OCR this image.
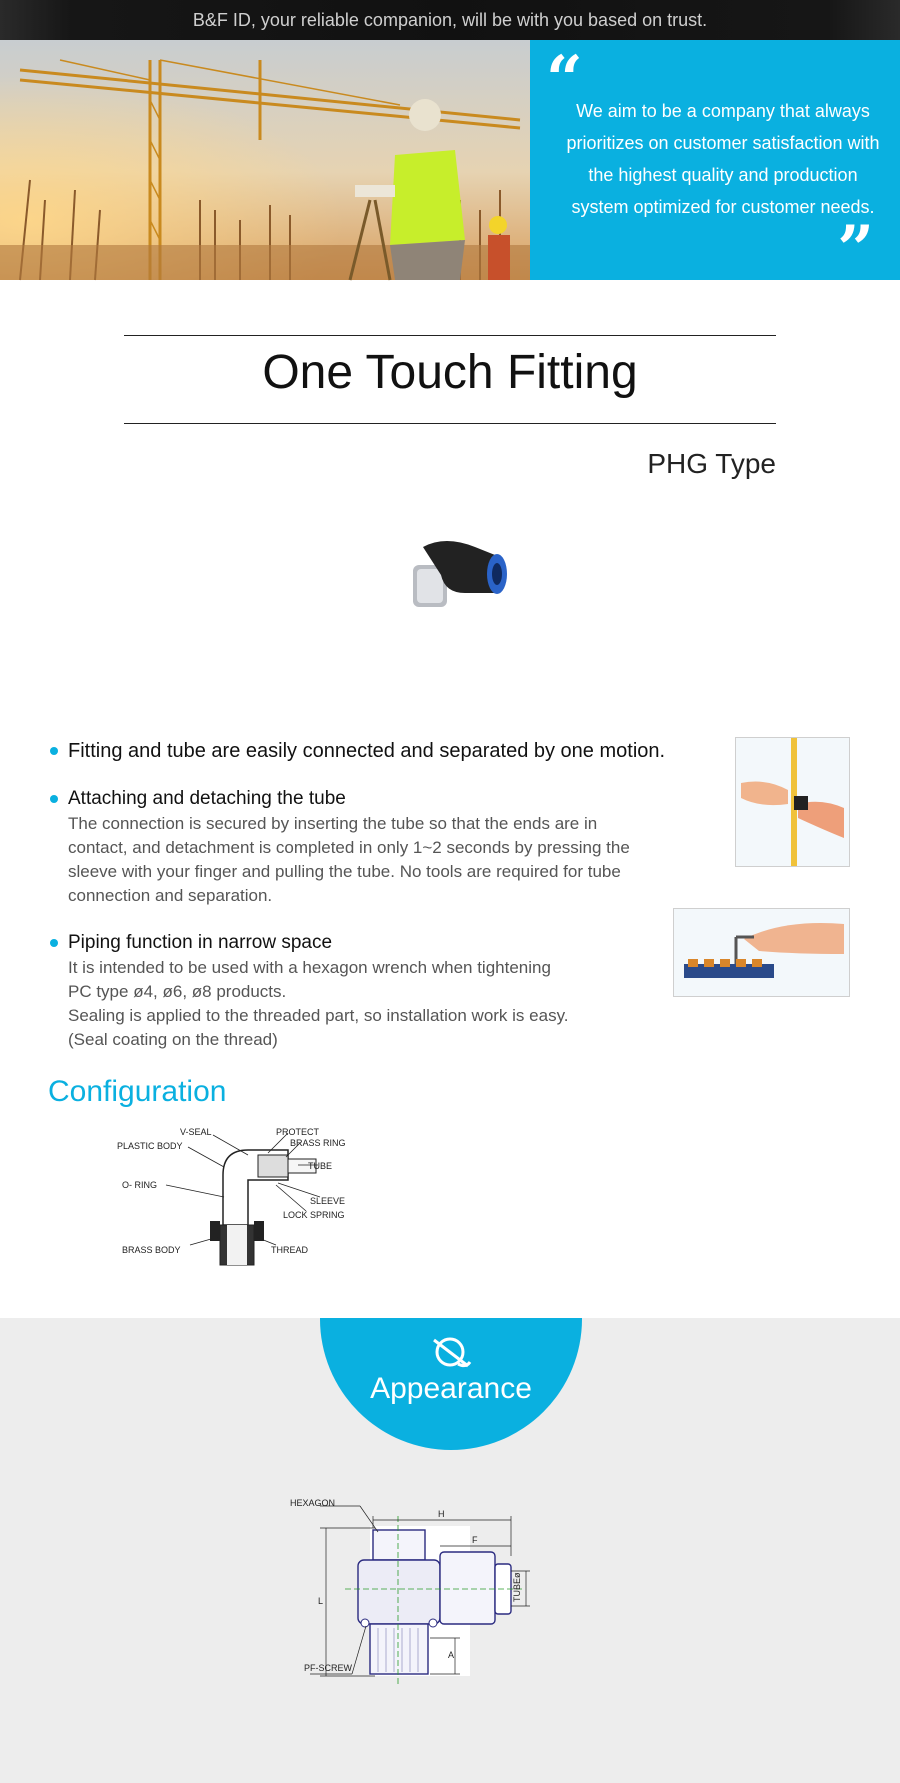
B&F ID, your reliable companion, will be with you based on trust.
“
We aim to be a company that always prioritizes on customer satisfaction with the highest quality and production system optimized for customer needs.
”
One Touch Fitting
PHG Type
Fitting and tube are easily connected and separated by one motion.
Attaching and detaching the tube

The connection is secured by inserting the tube so that the ends are in contact, and detachment is completed in only 1~2 seconds by pressing the sleeve with your finger and pulling the tube. No tools are required for tube connection and separation.

Piping function in narrow space

It is intended to be used with a hexagon wrench when tightening

PC type ø4, ø6, ø8 products.

Sealing is applied to the threaded part, so installation work is easy.

(Seal coating on the thread)

Configuration
V-SEAL	PROTECT
PLASTIC BODY	BRASS RING
TUBE
O- RING
SLEEVE
LOCK SPRING
BRASS BODY	THREAD
Appearance
HEXAGON
H
F
L	TUBEø
A
PF-SCREW
